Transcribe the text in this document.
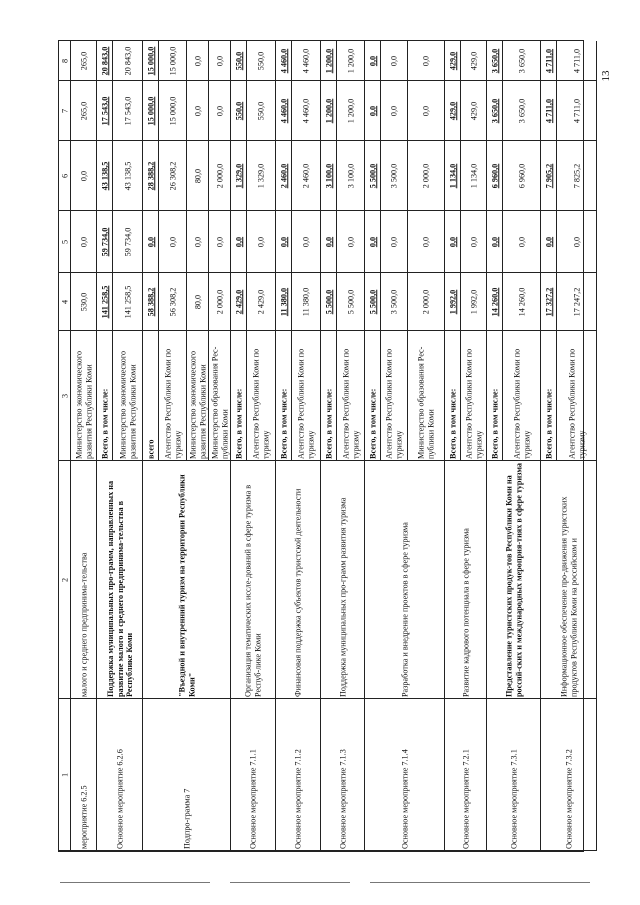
13
1
2
3
4
5
6
7
8
мероприятие 6.2.5
малого и среднего предпринима-тельства
Министерство экономического развития Республики Коми
530,0
0,0
0,0
265,0
265,0
Основное мероприятие 6.2.6
Поддержка муниципальных про-грамм, направленных на развитие малого и среднего предпринима-тельства в Республике Коми
Всего, в том числе:
141 258,5
59 734,0
43 138,5
17 543,0
20 843,0
Министерство экономического развития Республики Коми
141 258,5
59 734,0
43 138,5
17 543,0
20 843,0
Подпро-грамма 7
"Въездной и внутренний туризм на территории Республики Коми"
всего
58 388,2
0,0
28 388,2
15 000,0
15 000,0
Агентство Республики Коми по туризму
56 308,2
0,0
26 308,2
15 000,0
15 000,0
Министерство экономического развития Республики Коми
80,0
0,0
80,0
0,0
0,0
Министерство образования Рес-публики Коми
2 000,0
0,0
2 000,0
0,0
0,0
Основное мероприятие 7.1.1
Организация тематических иссле-дований в сфере туризма в Респуб-лике Коми
Всего, в том числе:
2 429,0
0,0
1 329,0
550,0
550,0
Агентство Республики Коми по туризму
2 429,0
0,0
1 329,0
550,0
550,0
Основное мероприятие 7.1.2
Финансовая поддержка субъектов туристской деятельности
Всего, в том числе:
11 380,0
0,0
2 460,0
4 460,0
4 460,0
Агентство Республики Коми по туризму
11 380,0
0,0
2 460,0
4 460,0
4 460,0
Основное мероприятие 7.1.3
Поддержка муниципальных про-грамм развития туризма
Всего, в том числе:
5 500,0
0,0
3 100,0
1 200,0
1 200,0
Агентство Республики Коми по туризму
5 500,0
0,0
3 100,0
1 200,0
1 200,0
Основное мероприятие 7.1.4
Разработка и внедрение проектов в сфере туризма
Всего, в том числе:
5 500,0
0,0
5 500,0
0,0
0,0
Агентство Республики Коми по туризму
3 500,0
0,0
3 500,0
0,0
0,0
Министерство образования Рес-публики Коми
2 000,0
0,0
2 000,0
0,0
0,0
Основное мероприятие 7.2.1
Развитие кадрового потенциала в сфере туризма
Всего, в том числе:
1 992,0
0,0
1 134,0
429,0
429,0
Агентство Республики Коми по туризму
1 992,0
0,0
1 134,0
429,0
429,0
Основное мероприятие 7.3.1
Представление туристских продук-тов Республики Коми на россий-ских и международных мероприя-тиях в сфере туризма
Всего, в том числе:
14 260,0
0,0
6 960,0
3 650,0
3 650,0
Агентство Республики Коми по туризму
14 260,0
0,0
6 960,0
3 650,0
3 650,0
Основное мероприятие 7.3.2
Информационное обеспечение про-движения туристских продуктов Республики Коми на российском и
Всего, в том числе:
17 327,2
0,0
7 905,2
4 711,0
4 711,0
Агентство Республики Коми по туризму
17 247,2
0,0
7 825,2
4 711,0
4 711,0
